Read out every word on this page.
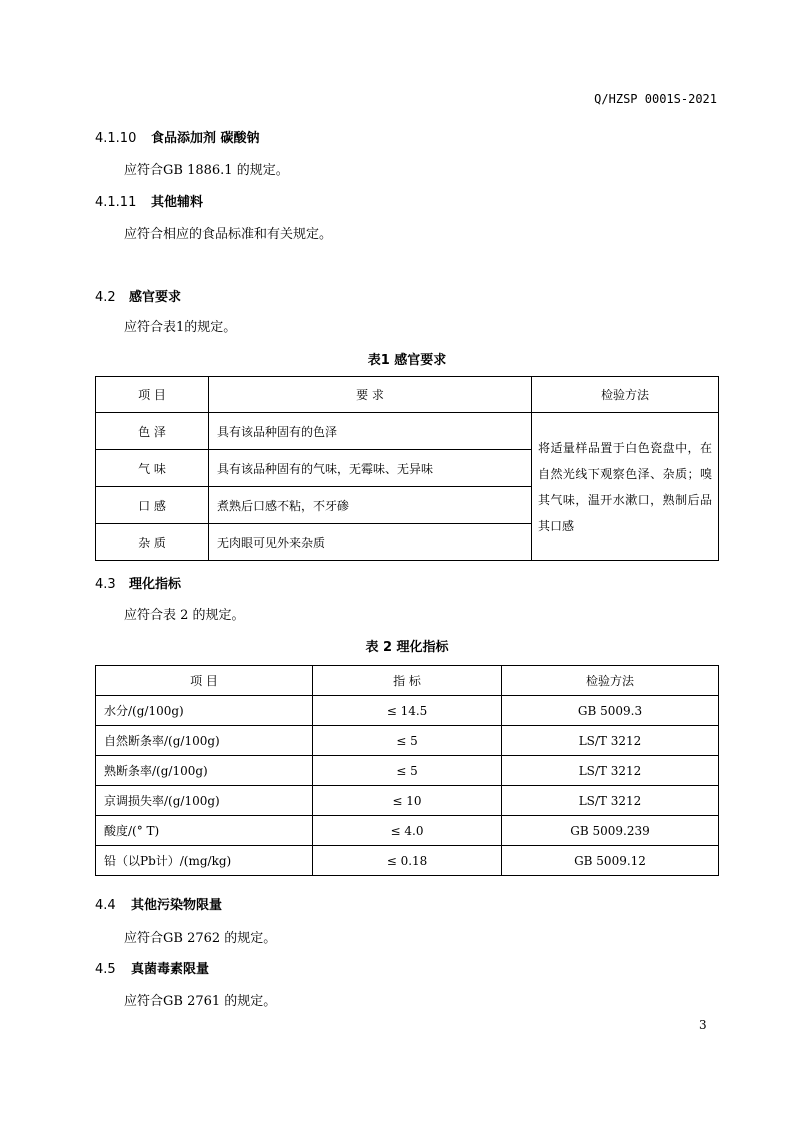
Q/HZSP 0001S-2021
4.1.10 食品添加剂 碳酸钠
应符合GB 1886.1 的规定。
4.1.11 其他辅料
应符合相应的食品标准和有关规定。
4.2 感官要求
应符合表1的规定。
表1 感官要求
项 目	要 求	检验方法
色 泽	具有该品种固有的色泽	将适量样品置于白色瓷盘中，在自然光线下观察色泽、杂质；嗅其气味，温开水漱口，熟制后品其口感
气 味	具有该品种固有的气味，无霉味、无异味	
口 感	煮熟后口感不粘，不牙碜	
杂 质	无肉眼可见外来杂质	
4.3 理化指标
应符合表 2 的规定。
表 2 理化指标
项 目	指 标	检验方法
水分/(g/100g)	≤ 14.5	GB 5009.3
自然断条率/(g/100g)	≤ 5	LS/T 3212
熟断条率/(g/100g)	≤ 5	LS/T 3212
京调损失率/(g/100g)	≤ 10	LS/T 3212
酸度/(° T)	≤ 4.0	GB 5009.239
铅（以Pb计）/(mg/kg)	≤ 0.18	GB 5009.12
4.4 其他污染物限量
应符合GB 2762 的规定。
4.5 真菌毒素限量
应符合GB 2761 的规定。
3
